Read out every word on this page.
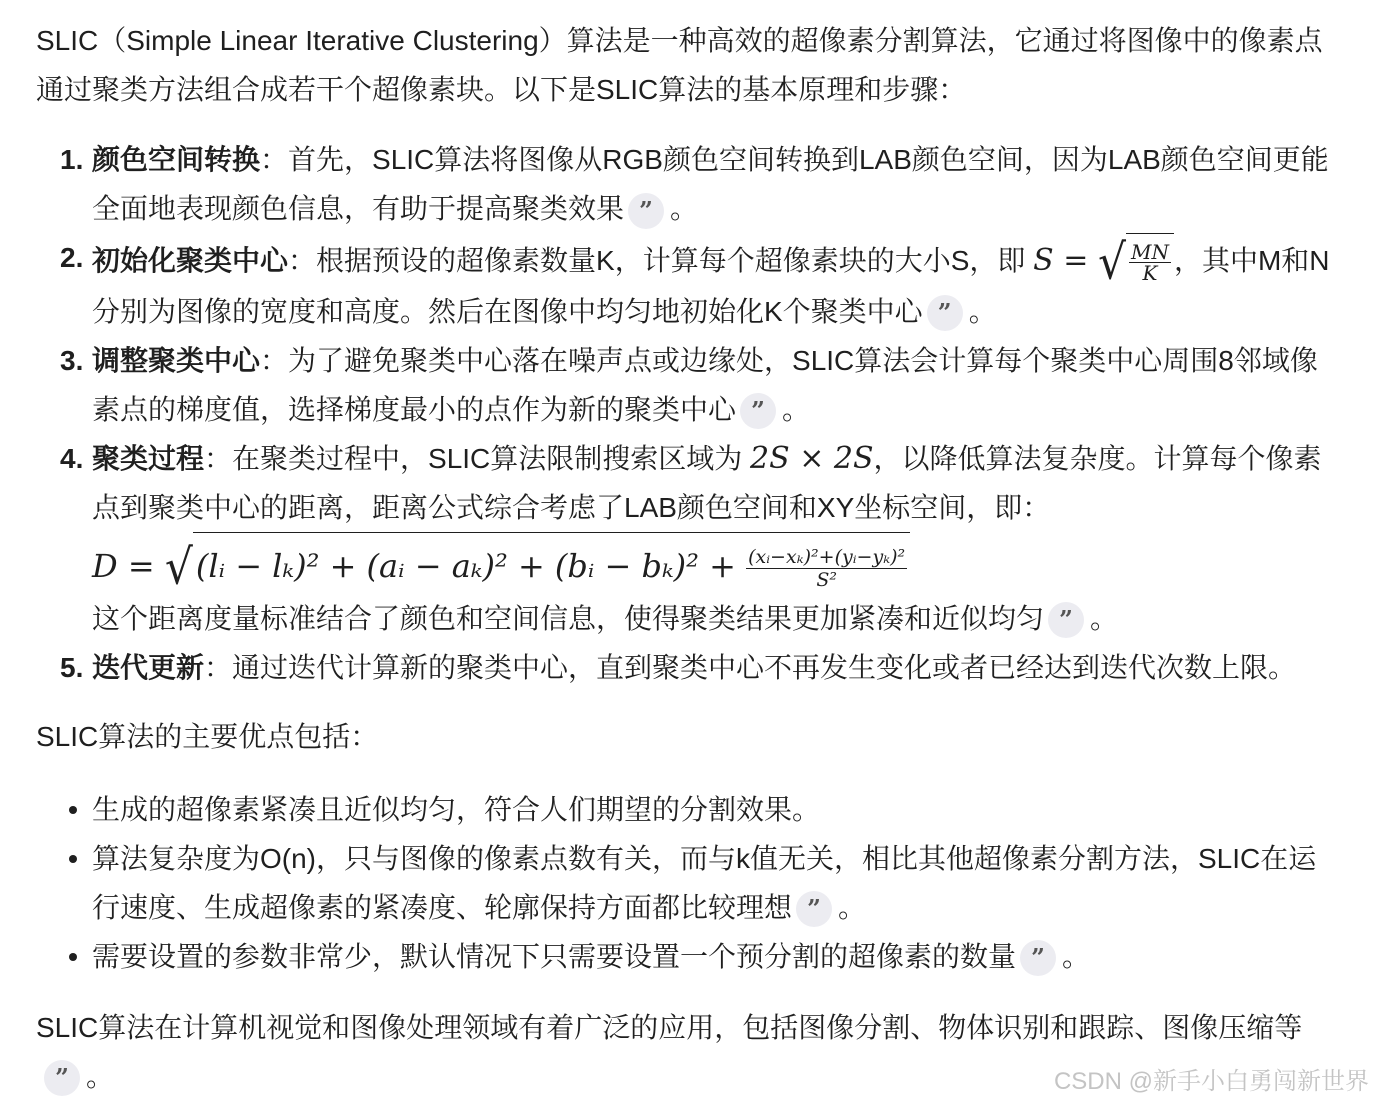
SLIC（Simple Linear Iterative Clustering）算法是一种高效的超像素分割算法，它通过将图像中的像素点通过聚类方法组合成若干个超像素块。以下是SLIC算法的基本原理和步骤：

1. 颜色空间转换：首先，SLIC算法将图像从RGB颜色空间转换到LAB颜色空间，因为LAB颜色空间更能全面地表现颜色信息，有助于提高聚类效果 ” 。
2. 初始化聚类中心：根据预设的超像素数量K，计算每个超像素块的大小S，即 S = √ $\frac{MN}{K}$ ，其中M和N分别为图像的宽度和高度。然后在图像中均匀地初始化K个聚类中心 ” 。
3. 调整聚类中心：为了避免聚类中心落在噪声点或边缘处，SLIC算法会计算每个聚类中心周围8邻域像素点的梯度值，选择梯度最小的点作为新的聚类中心 ” 。
4. 聚类过程：在聚类过程中，SLIC算法限制搜索区域为 2S × 2S，以降低算法复杂度。计算每个像素点到聚类中心的距离，距离公式综合考虑了LAB颜色空间和XY坐标空间，即：
D = √(lᵢ − lₖ)² + (aᵢ − aₖ)² + (bᵢ − $b_k)^2 + \frac{\text{(xᵢ−xₖ)²+(yᵢ−yₖ)²}}{\text{S²}}$
这个距离度量标准结合了颜色和空间信息，使得聚类结果更加紧凑和近似均匀 ” 。
5. 迭代更新：通过迭代计算新的聚类中心，直到聚类中心不再发生变化或者已经达到迭代次数上限。

SLIC算法的主要优点包括：

生成的超像素紧凑且近似均匀，符合人们期望的分割效果。
算法复杂度为O(n)，只与图像的像素点数有关，而与k值无关，相比其他超像素分割方法，SLIC在运行速度、生成超像素的紧凑度、轮廓保持方面都比较理想 ” 。
需要设置的参数非常少，默认情况下只需要设置一个预分割的超像素的数量 ” 。

SLIC算法在计算机视觉和图像处理领域有着广泛的应用，包括图像分割、物体识别和跟踪、图像压缩等
” 。	CSDN @新手小白勇闯新世界
